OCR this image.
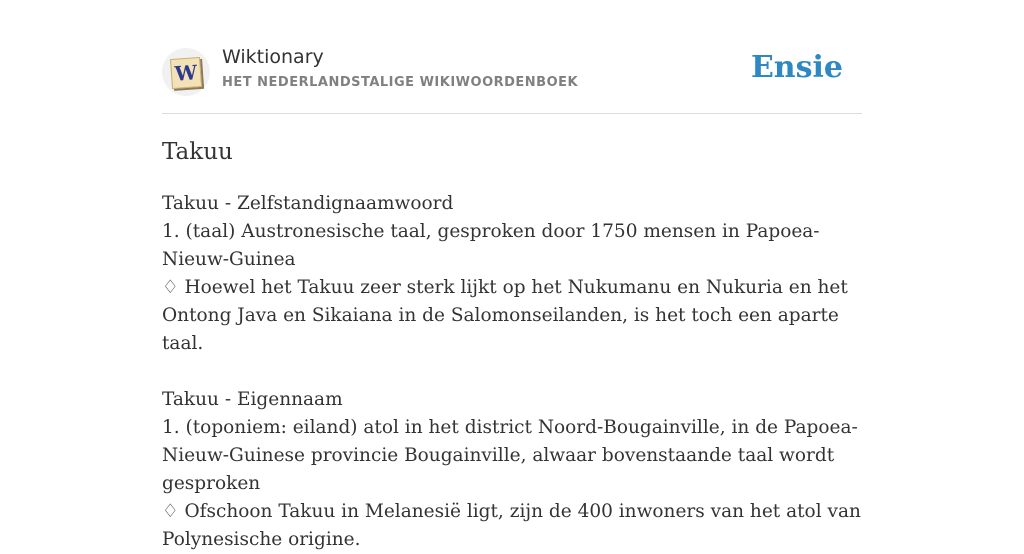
W
Wiktionary
HET NEDERLANDSTALIGE WIKIWOORDENBOEK	Ensie
Takuu

Takuu - Zelfstandignaamwoord

1. (taal) Austronesische taal, gesproken door 1750 mensen in Papoea-Nieuw-Guinea

♢ Hoewel het Takuu zeer sterk lijkt op het Nukumanu en Nukuria en het Ontong Java en Sikaiana in de Salomonseilanden, is het toch een aparte taal.

Takuu - Eigennaam

1. (toponiem: eiland) atol in het district Noord-Bougainville, in de Papoea-Nieuw-Guinese provincie Bougainville, alwaar bovenstaande taal wordt gesproken

♢ Ofschoon Takuu in Melanesië ligt, zijn de 400 inwoners van het atol van Polynesische origine.
